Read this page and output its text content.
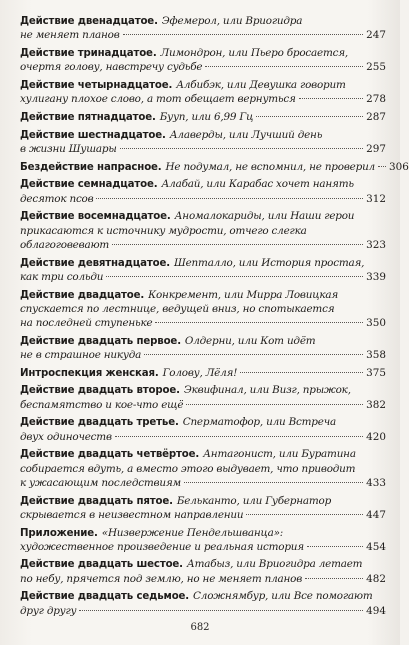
Действие двенадцатое. Эфемерол, или Вриогидра
не меняет планов	247
Действие тринадцатое. Лимондрон, или Пьеро бросается,
очертя голову, навстречу судьбе	255
Действие четырнадцатое. Албибэк, или Девушка говорит
хулигану плохое слово, а тот обещает вернуться	278
Действие пятнадцатое. Бууп, или 6,99 Гц	287
Действие шестнадцатое. Алаверды, или Лучший день
в жизни Шушары	297
Бездействие напрасное. Не подумал, не вспомнил, не проверил 306
Действие семнадцатое. Алабай, или Карабас хочет нанять
десяток псов	312
Действие восемнадцатое. Аномалокариды, или Наши герои
прикасаются к источнику мудрости, отчего слегка
облагоговевают	323
Действие девятнадцатое. Шепталло, или История простая,
как три сольди	339
Действие двадцатое. Конкремент, или Мирра Ловицкая
спускается по лестнице, ведущей вниз, но спотыкается
на последней ступеньке	350
Действие двадцать первое. Олдерни, или Кот идёт
не в страшное никуда	358
Интроспекция женская. Голову, Лёля!	375
Действие двадцать второе. Эквифинал, или Визг, прыжок,
беспамятство и кое-что ещё	382
Действие двадцать третье. Сперматофор, или Встреча
двух одиночеств	420
Действие двадцать четвёртое. Антагонист, или Буратина
собирается вдуть, а вместо этого выдувает, что приводит
к ужасающим последствиям	433
Действие двадцать пятое. Бельканто, или Губернатор
скрывается в неизвестном направлении	447
Приложение. «Низвержение Пендельшванца»:
художественное произведение и реальная история	454
Действие двадцать шестое. Атабыз, или Вриогидра летает
по небу, прячется под землю, но не меняет планов	482
Действие двадцать седьмое. Сложнямбур, или Все помогают
друг другу	494
682
